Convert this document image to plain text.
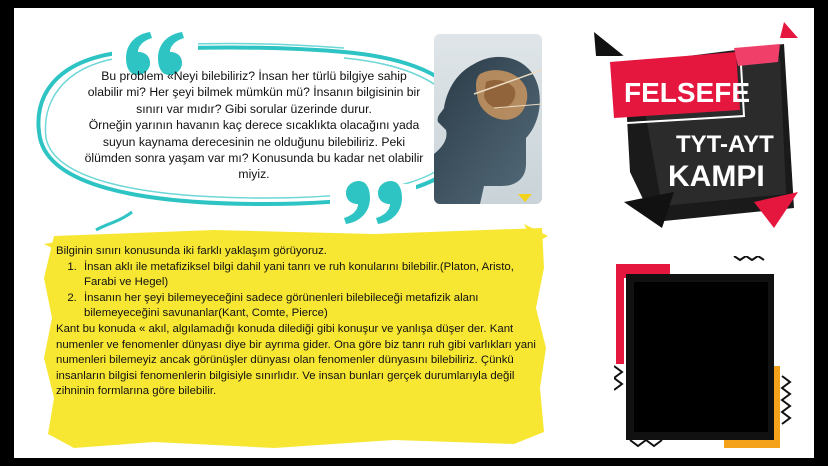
Bu problem «Neyi bilebiliriz? İnsan her türlü bilgiye sahip
olabilir mi? Her şeyi bilmek mümkün mü? İnsanın bilgisinin bir
sınırı var mıdır? Gibi sorular üzerinde durur.
Örneğin yarının havanın kaç derece sıcaklıkta olacağını yada
suyun kaynama derecesinin ne olduğunu bilebiliriz. Peki
ölümden sonra yaşam var mı? Konusunda bu kadar net olabilir
miyiz.

Bilginin sınırı konusunda iki farklı yaklaşım görüyoruz.

1. İnsan aklı ile metafiziksel bilgi dahil yani tanrı ve ruh konularını bilebilir.(Platon, Aristo, Farabi ve Hegel)
2. İnsanın her şeyi bilemeyeceğini sadece görünenleri bilebileceği metafizik alanı bilemeyeceğini savunanlar(Kant, Comte, Pierce)

Kant bu konuda « akıl, algılamadığı konuda dilediği gibi konuşur ve yanlışa düşer der. Kant numenler ve fenomenler dünyası diye bir ayrıma gider. Ona göre biz tanrı ruh gibi varlıkları yani numenleri bilemeyiz ancak görünüşler dünyası olan fenomenler dünyasını bilebiliriz. Çünkü insanların bilgisi fenomenlerin bilgisiyle sınırlıdır. Ve insan bunları gerçek durumlarıyla değil zihninin formlarına göre bilebilir.

FELSEFE
TYT-AYT
KAMPI
